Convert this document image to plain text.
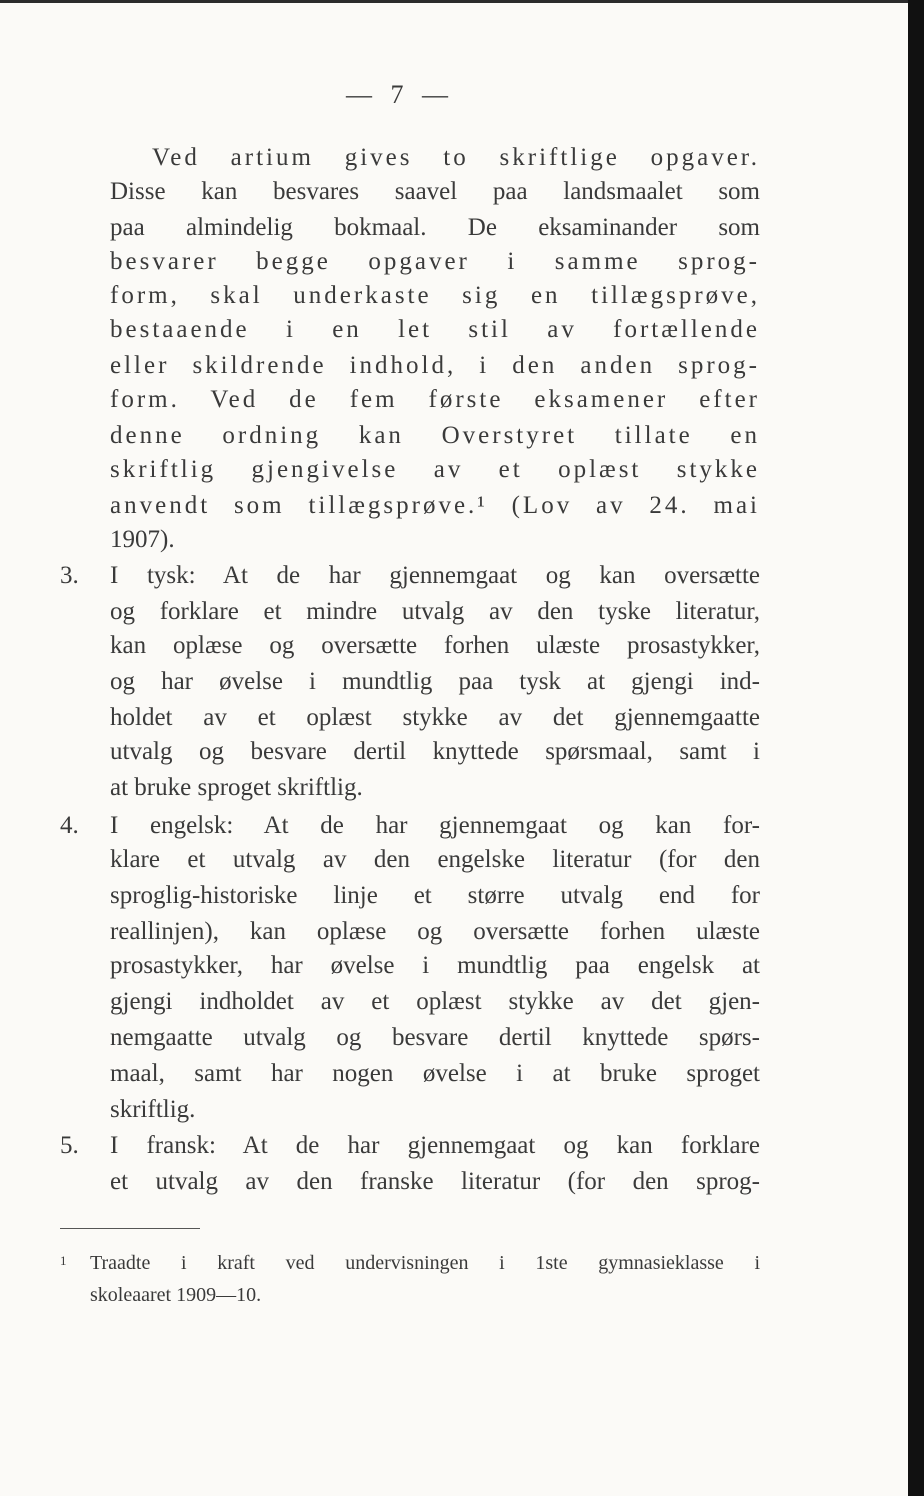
— 7 —
Ved artium gives to skriftlige opgaver.
Disse kan besvares saavel paa landsmaalet som
paa almindelig bokmaal. De eksaminander som
besvarer begge opgaver i samme sprog-
form, skal underkaste sig en tillægsprøve,
bestaaende i en let stil av fortællende
eller skildrende indhold, i den anden sprog-
form. Ved de fem første eksamener efter
denne ordning kan Overstyret tillate en
skriftlig gjengivelse av et oplæst stykke
anvendt som tillægsprøve.¹ (Lov av 24. mai
1907).
3.	I tysk: At de har gjennemgaat og kan oversætte
og forklare et mindre utvalg av den tyske literatur,
kan oplæse og oversætte forhen ulæste prosastykker,
og har øvelse i mundtlig paa tysk at gjengi ind-
holdet av et oplæst stykke av det gjennemgaatte
utvalg og besvare dertil knyttede spørsmaal, samt i
at bruke sproget skriftlig.
4.	I engelsk: At de har gjennemgaat og kan for-
klare et utvalg av den engelske literatur (for den
sproglig-historiske linje et større utvalg end for
reallinjen), kan oplæse og oversætte forhen ulæste
prosastykker, har øvelse i mundtlig paa engelsk at
gjengi indholdet av et oplæst stykke av det gjen-
nemgaatte utvalg og besvare dertil knyttede spørs-
maal, samt har nogen øvelse i at bruke sproget
skriftlig.
5.	I fransk: At de har gjennemgaat og kan forklare
et utvalg av den franske literatur (for den sprog-
1 Traadte i kraft ved undervisningen i 1ste gymnasieklasse i
skoleaaret 1909—10.
